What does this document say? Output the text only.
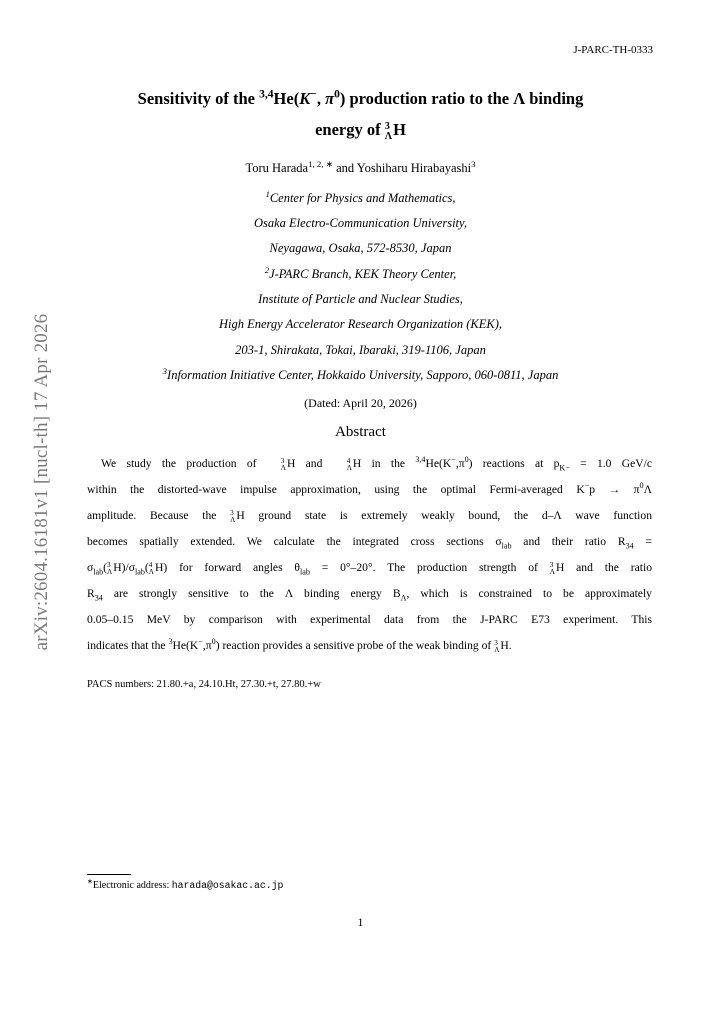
arXiv:2604.16181v1 [nucl-th] 17 Apr 2026
J-PARC-TH-0333
Sensitivity of the $^{3,4}$He(K−, $\pi^0$) production ratio to the Λ binding
energy of 3
Λ H
Toru Harada$^{1, 2, ∗}$ and Yoshiharu Hirabayashi$^3$
$^1$Center for Physics and Mathematics,
Osaka Electro-Communication University,
Neyagawa, Osaka, 572-8530, Japan
$^2$J-PARC Branch, KEK Theory Center,
Institute of Particle and Nuclear Studies,
High Energy Accelerator Research Organization (KEK),
203-1, Shirakata, Tokai, Ibaraki, 319-1106, Japan
$^3$Information Initiative Center, Hokkaido University, Sapporo, 060-0811, Japan
(Dated: April 20, 2026)
Abstract
We study the production of	3
Λ H and	4
Λ H in the $^{3,4}He(K^-,\pi^0)$ reactions at $p_{K-} = 1.0$ GeV/c
within the distorted-wave impulse approximation, using the optimal Fermi-averaged $K^-p \to \pi^0\Lambda$
amplitude. Because the 3
Λ H ground state is extremely weakly bound, the d–Λ wave function
becomes spatially extended. We calculate the integrated cross sections $\sigma_{lab}$ and their ratio $R_{34}$ =
$\sigma_{lab}$( 3
Λ $H)/\sigma_{lab}$( 4
Λ H) for forward angles $\theta_{lab} = 0^\circ-20^\circ$. The production strength of 3
Λ H and the ratio
$R_{34}$ are strongly sensitive to the Λ binding energy $B_\Lambda$, which is constrained to be approximately
0.05–0.15 MeV by comparison with experimental data from the J-PARC E73 experiment. This
indicates that the $^3He(K^-,\pi^0)$ reaction provides a sensitive probe of the weak binding of 3
Λ H.
PACS numbers: 21.80.+a, 24.10.Ht, 27.30.+t, 27.80.+w
∗Electronic address: harada@osakac.ac.jp
1
